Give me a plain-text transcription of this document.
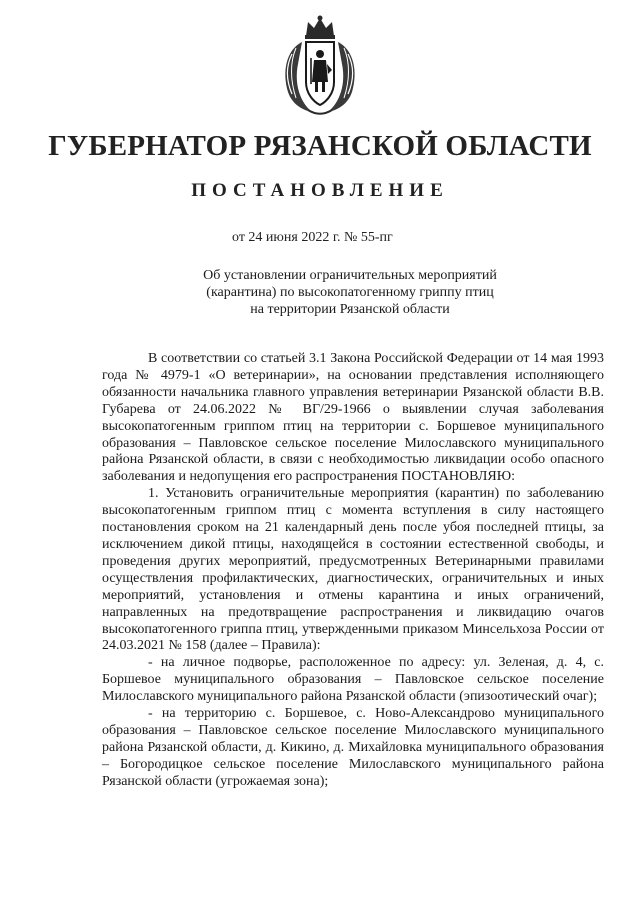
ГУБЕРНАТОР РЯЗАНСКОЙ ОБЛАСТИ
ПОСТАНОВЛЕНИЕ
от 24 июня 2022 г. № 55-пг
Об установлении ограничительных мероприятий
(карантина) по высокопатогенному гриппу птиц
на территории Рязанской области

В соответствии со статьей 3.1 Закона Российской Федерации от 14 мая 1993 года № 4979-1 «О ветеринарии», на основании представления исполняющего обязанности начальника главного управления ветеринарии Рязанской области В.В. Губарева от 24.06.2022 № ВГ/29-1966 о выявлении случая заболевания высокопатогенным гриппом птиц на территории с. Боршевое муниципального образования – Павловское сельское поселение Милославского муниципального района Рязанской области, в связи с необходимостью ликвидации особо опасного заболевания и недопущения его распространения ПОСТАНОВЛЯЮ:

1. Установить ограничительные мероприятия (карантин) по заболеванию высокопатогенным гриппом птиц с момента вступления в силу настоящего постановления сроком на 21 календарный день после убоя последней птицы, за исключением дикой птицы, находящейся в состоянии естественной свободы, и проведения других мероприятий, предусмотренных Ветеринарными правилами осуществления профилактических, диагностических, ограничительных и иных мероприятий, установления и отмены карантина и иных ограничений, направленных на предотвращение распространения и ликвидацию очагов высокопатогенного гриппа птиц, утвержденными приказом Минсельхоза России от 24.03.2021 № 158 (далее – Правила):

- на личное подворье, расположенное по адресу: ул. Зеленая, д. 4, с. Боршевое муниципального образования – Павловское сельское поселение Милославского муниципального района Рязанской области (эпизоотический очаг);

- на территорию с. Боршевое, с. Ново-Александрово муниципального образования – Павловское сельское поселение Милославского муниципального района Рязанской области, д. Кикино, д. Михайловка муниципального образования – Богородицкое сельское поселение Милославского муниципального района Рязанской области (угрожаемая зона);
